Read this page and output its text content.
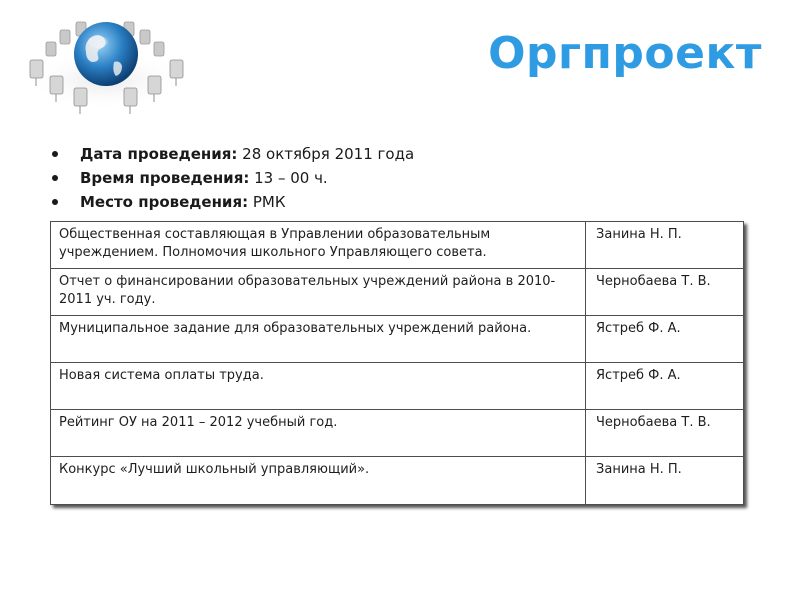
Оргпроект
Дата проведения: 28 октября 2011 года
Время проведения: 13 – 00 ч.
Место проведения: РМК
Общественная составляющая в Управлении образовательным учреждением. Полномочия школьного Управляющего совета.	Занина Н. П.
Отчет о финансировании образовательных учреждений района в 2010-2011 уч. году.	Чернобаева Т. В.
Муниципальное задание для образовательных учреждений района.	Ястреб Ф. А.
Новая система оплаты труда.	Ястреб Ф. А.
Рейтинг ОУ на 2011 – 2012 учебный год.	Чернобаева Т. В.
Конкурс «Лучший школьный управляющий».	Занина Н. П.
